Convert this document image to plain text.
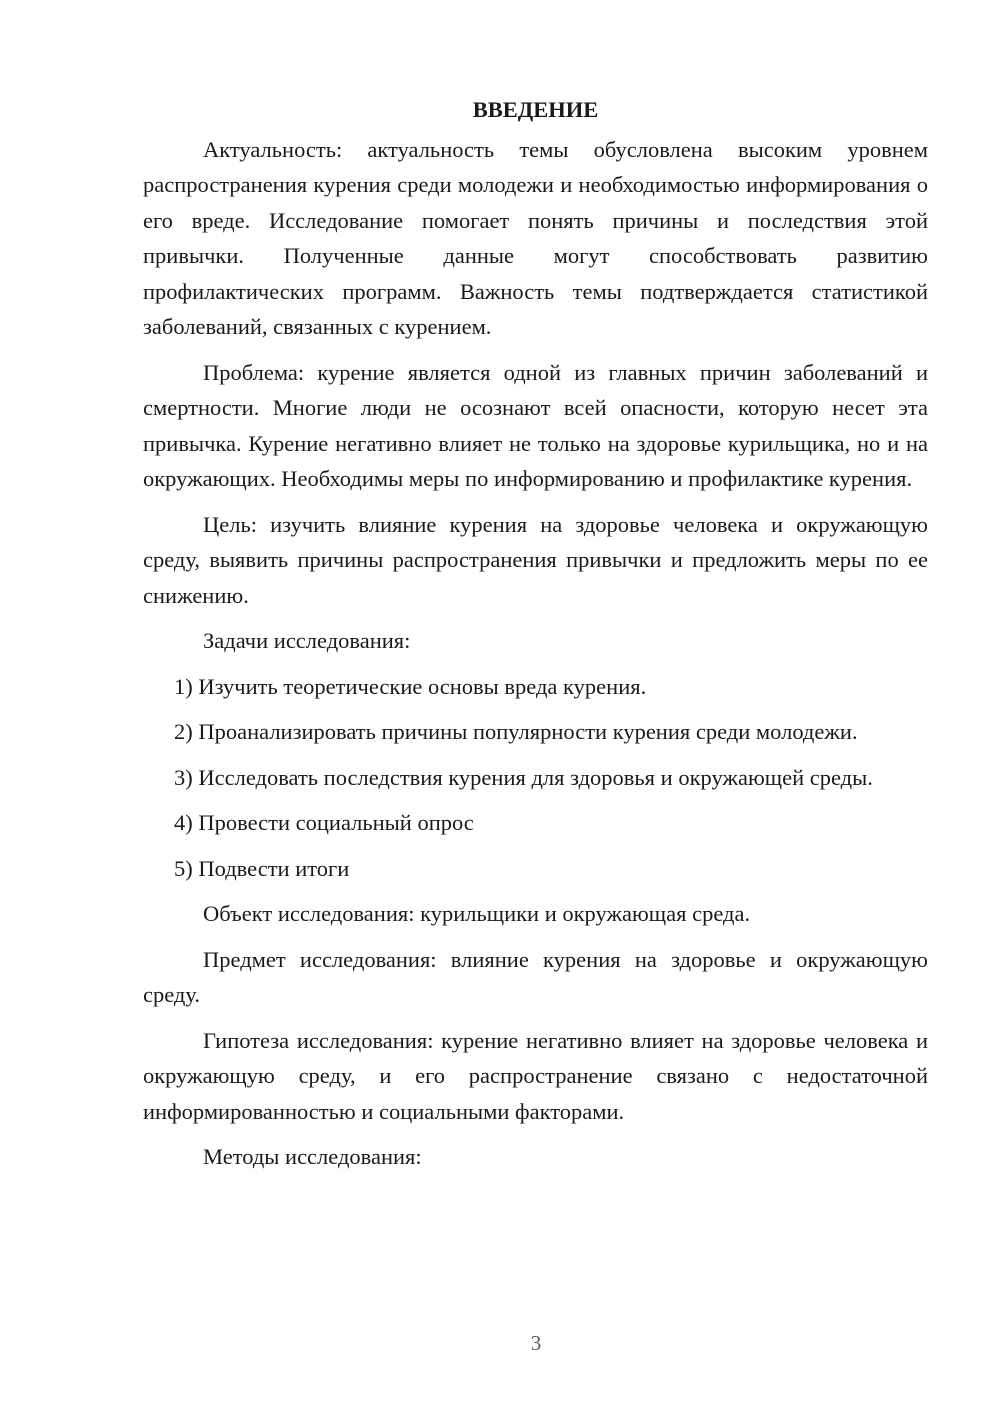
ВВЕДЕНИЕ

Актуальность: актуальность темы обусловлена высоким уровнем распространения курения среди молодежи и необходимостью информирования о его вреде. Исследование помогает понять причины и последствия этой привычки. Полученные данные могут способствовать развитию профилактических программ. Важность темы подтверждается статистикой заболеваний, связанных с курением.

Проблема: курение является одной из главных причин заболеваний и смертности. Многие люди не осознают всей опасности, которую несет эта привычка. Курение негативно влияет не только на здоровье курильщика, но и на окружающих. Необходимы меры по информированию и профилактике курения.

Цель: изучить влияние курения на здоровье человека и окружающую среду, выявить причины распространения привычки и предложить меры по ее снижению.

Задачи исследования:

1) Изучить теоретические основы вреда курения.

2) Проанализировать причины популярности курения среди молодежи.

3) Исследовать последствия курения для здоровья и окружающей среды.

4) Провести социальный опрос

5) Подвести итоги

Объект исследования: курильщики и окружающая среда.

Предмет исследования: влияние курения на здоровье и окружающую среду.

Гипотеза исследования: курение негативно влияет на здоровье человека и окружающую среду, и его распространение связано с недостаточной информированностью и социальными факторами.

Методы исследования:

3
